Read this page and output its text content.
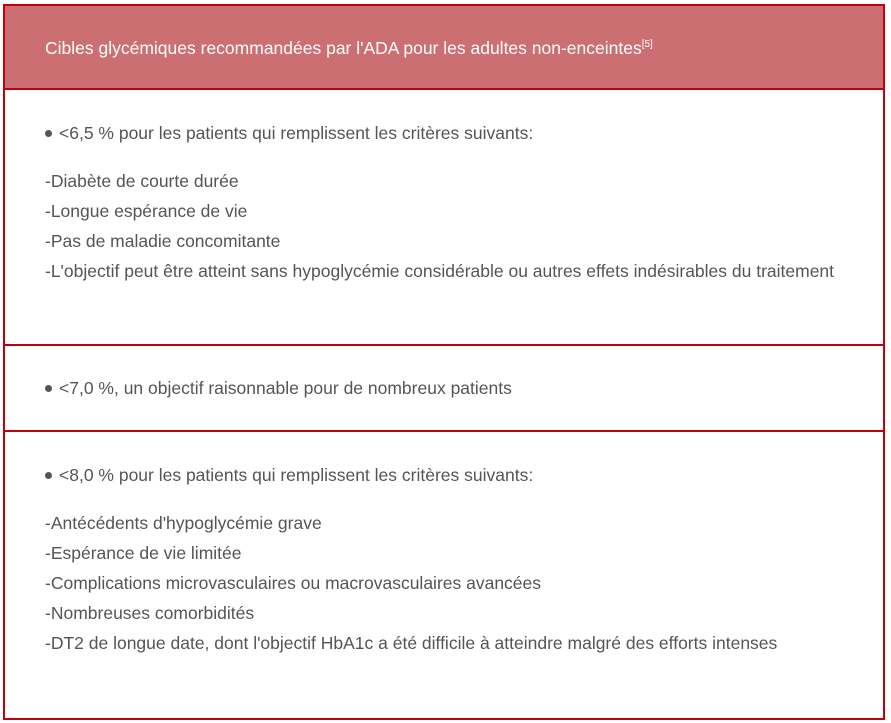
Cibles glycémiques recommandées par l'ADA pour les adultes non-enceintes[5]
<6,5 % pour les patients qui remplissent les critères suivants:
-Diabète de courte durée
-Longue espérance de vie
-Pas de maladie concomitante
-L'objectif peut être atteint sans hypoglycémie considérable ou autres effets indésirables du traitement
<7,0 %, un objectif raisonnable pour de nombreux patients
<8,0 % pour les patients qui remplissent les critères suivants:
-Antécédents d'hypoglycémie grave
-Espérance de vie limitée
-Complications microvasculaires ou macrovasculaires avancées
-Nombreuses comorbidités
-DT2 de longue date, dont l'objectif HbA1c a été difficile à atteindre malgré des efforts intenses
